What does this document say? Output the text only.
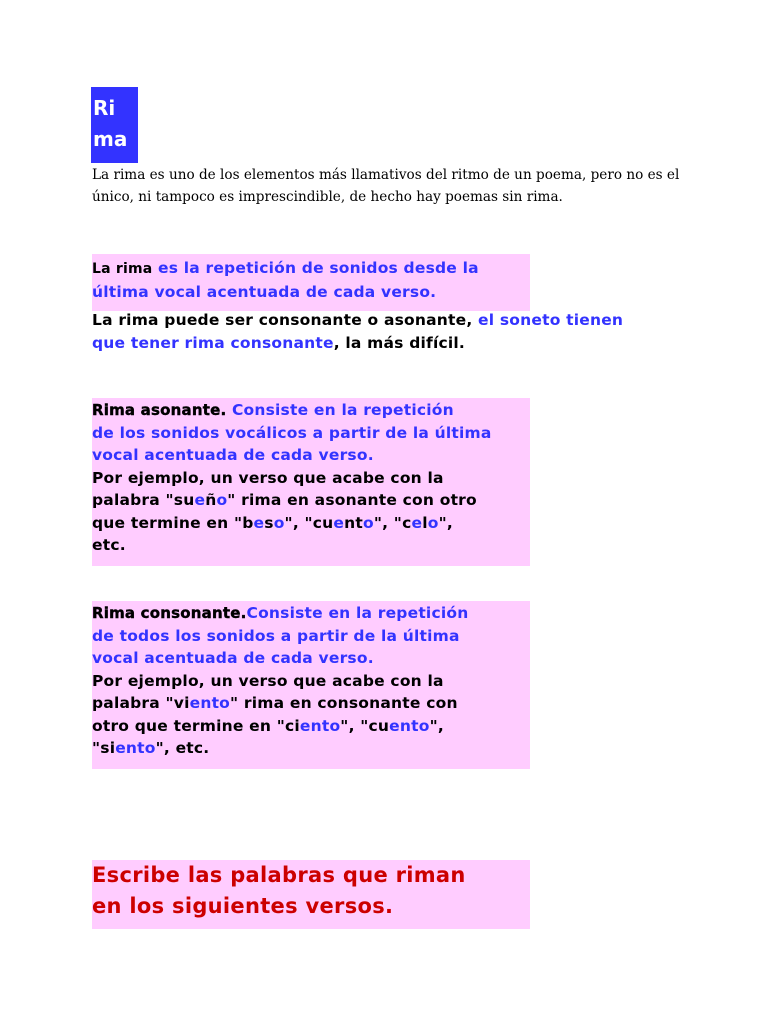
Ri
ma
La rima es uno de los elementos más llamativos del ritmo de un poema, pero no es el único, ni tampoco es imprescindible, de hecho hay poemas sin rima.
La rima es la repetición de sonidos desde la
última vocal acentuada de cada verso.
La rima puede ser consonante o asonante, el soneto tienen
que tener rima consonante, la más difícil.
Rima asonante. Consiste en la repetición
de los sonidos vocálicos a partir de la última
vocal acentuada de cada verso.
Por ejemplo, un verso que acabe con la
palabra "sueño" rima en asonante con otro
que termine en "beso", "cuento", "celo",
etc.
Rima consonante.Consiste en la repetición
de todos los sonidos a partir de la última
vocal acentuada de cada verso.
Por ejemplo, un verso que acabe con la
palabra "viento" rima en consonante con
otro que termine en "ciento", "cuento",
"siento", etc.
Escribe las palabras que riman
en los siguientes versos.
